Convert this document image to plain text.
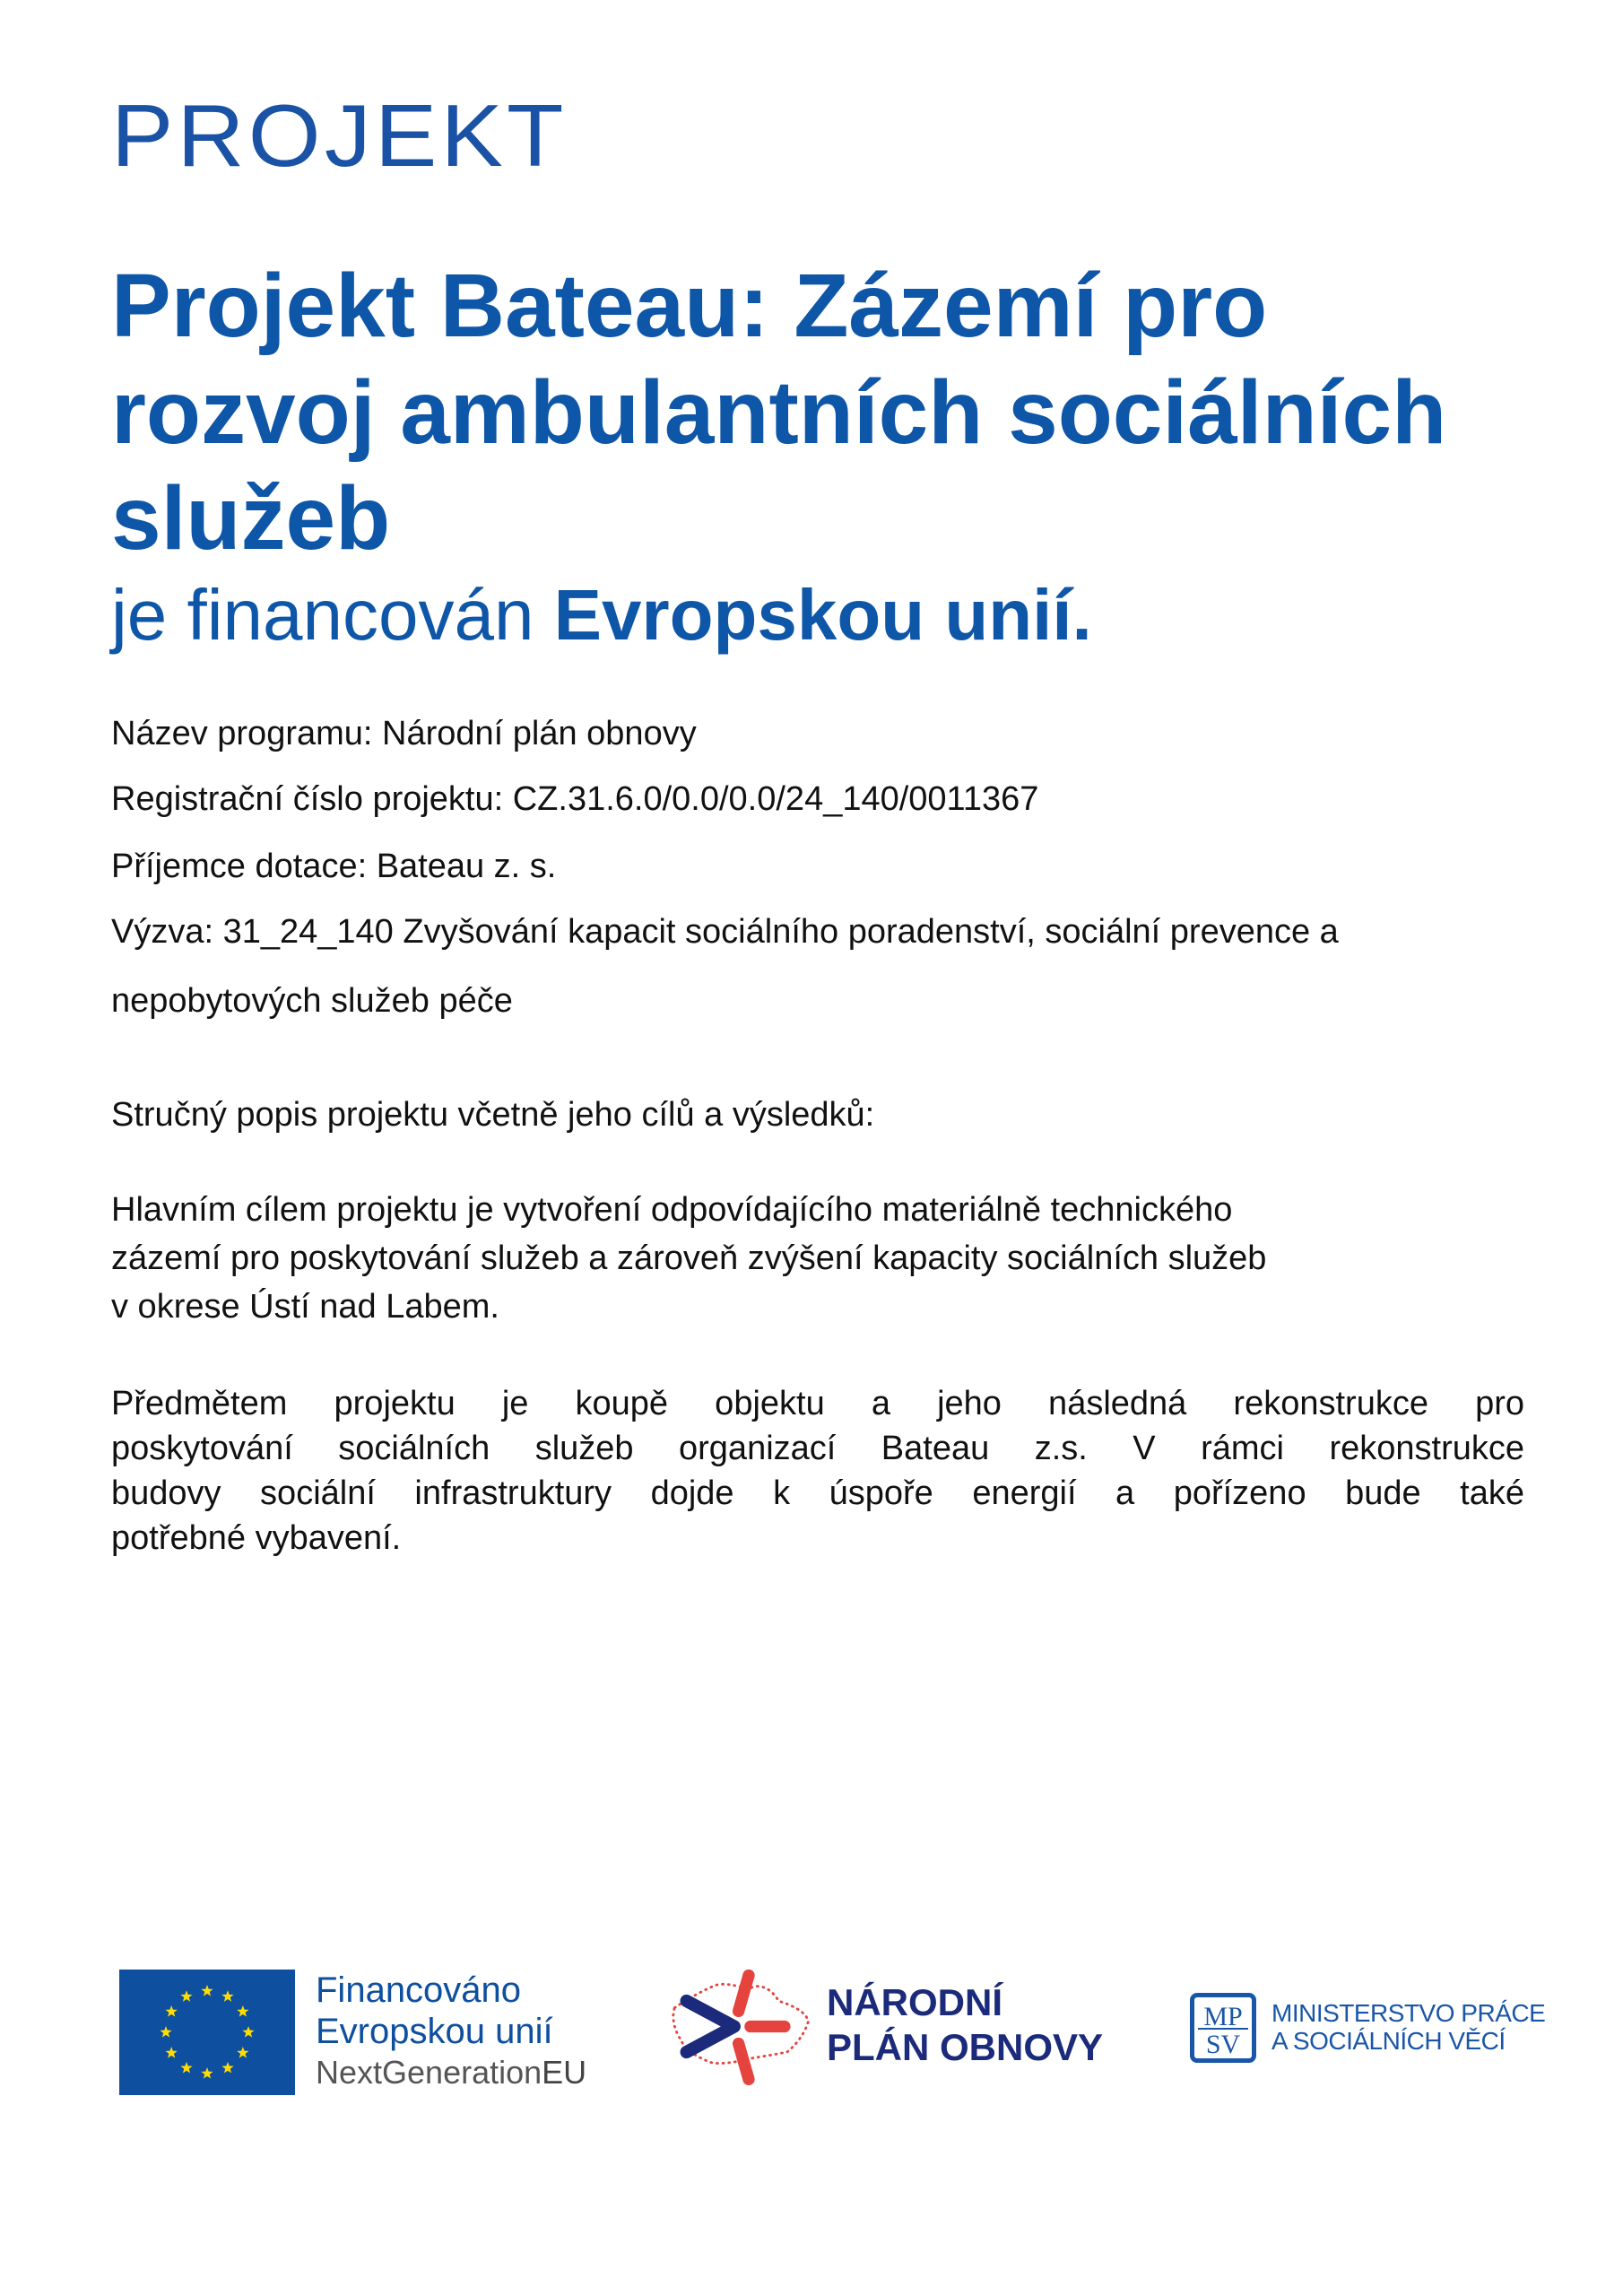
PROJEKT
Projekt Bateau: Zázemí pro
rozvoj ambulantních sociálních
služeb
je financován Evropskou unií.
Název programu: Národní plán obnovy
Registrační číslo projektu: CZ.31.6.0/0.0/0.0/24_140/0011367
Příjemce dotace: Bateau z. s.
Výzva: 31_24_140 Zvyšování kapacit sociálního poradenství, sociální prevence a
nepobytových služeb péče
Stručný popis projektu včetně jeho cílů a výsledků:
Hlavním cílem projektu je vytvoření odpovídajícího materiálně technického
zázemí pro poskytování služeb a zároveň zvýšení kapacity sociálních služeb
v okrese Ústí nad Labem.
Předmětem projektu je koupě objektu a jeho následná rekonstrukce pro
poskytování sociálních služeb organizací Bateau z.s. V rámci rekonstrukce
budovy sociální infrastruktury dojde k úspoře energií a pořízeno bude také
potřebné vybavení.
Financováno
Evropskou unií
NextGenerationEU
NÁRODNÍ
PLÁN OBNOVY
MP
SV
MINISTERSTVO PRÁCE
A SOCIÁLNÍCH VĚCÍ
